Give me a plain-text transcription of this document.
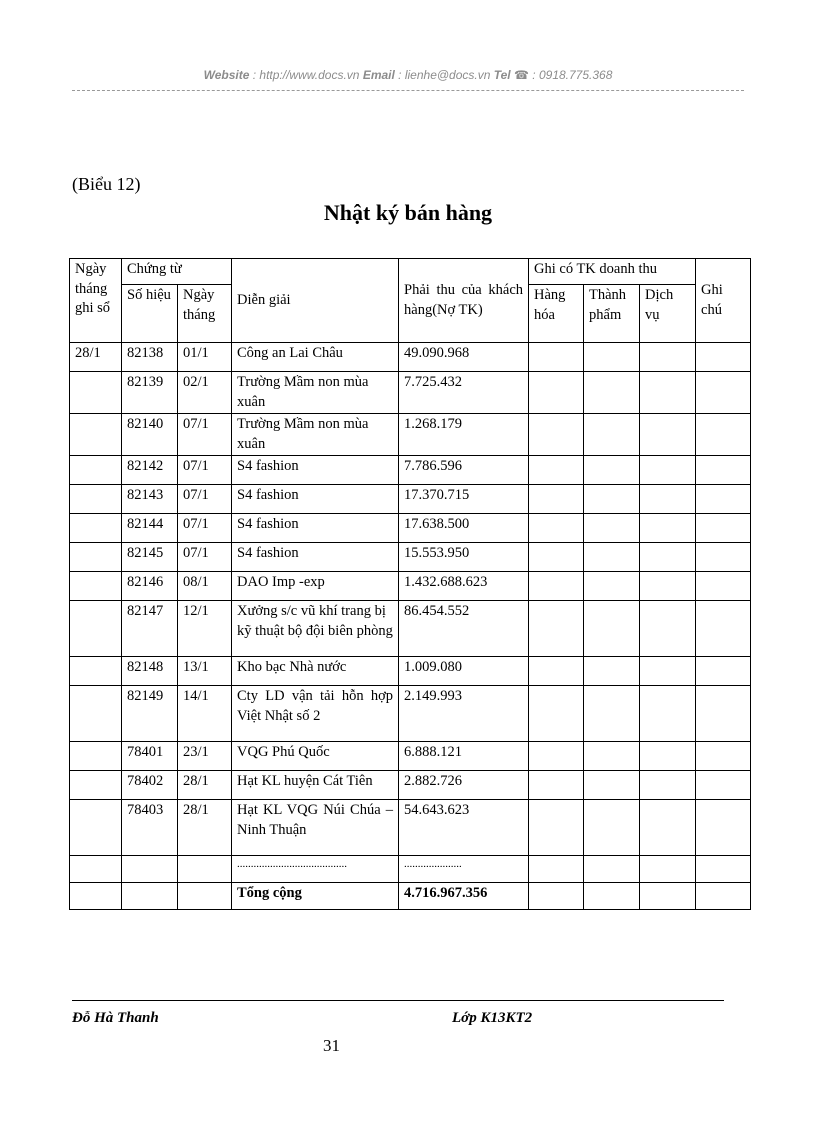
Website : http://www.docs.vn Email : lienhe@docs.vn Tel ☎ : 0918.775.368
(Biểu 12)
Nhật ký bán hàng
Ngày tháng ghi sổ	Chứng từ		Diễn giải	Phải thu của khách hàng(Nợ TK)	Ghi có TK doanh thu			Ghi chú
	Số hiệu	Ngày tháng			Hàng hóa	Thành phẩm	Dịch vụ	
28/1	82138	01/1	Công an Lai Châu	49.090.968				
	82139	02/1	Trường Mầm non mùa xuân	7.725.432				
	82140	07/1	Trường Mầm non mùa xuân	1.268.179				
	82142	07/1	S4 fashion	7.786.596				
	82143	07/1	S4 fashion	17.370.715				
	82144	07/1	S4 fashion	17.638.500				
	82145	07/1	S4 fashion	15.553.950				
	82146	08/1	DAO Imp -exp	1.432.688.623				
	82147	12/1	Xưởng s/c vũ khí trang bị kỹ thuật bộ đội biên phòng	86.454.552				
	82148	13/1	Kho bạc Nhà nước	1.009.080				
	82149	14/1	Cty LD vận tải hỗn hợp Việt Nhật số 2	2.149.993				
	78401	23/1	VQG Phú Quốc	6.888.121				
	78402	28/1	Hạt KL huyện Cát Tiên	2.882.726				
	78403	28/1	Hạt KL VQG Núi Chúa – Ninh Thuận	54.643.623				
			........................................	.....................				
			Tổng cộng	4.716.967.356				
Đỗ Hà Thanh	Lớp K13KT2
31
